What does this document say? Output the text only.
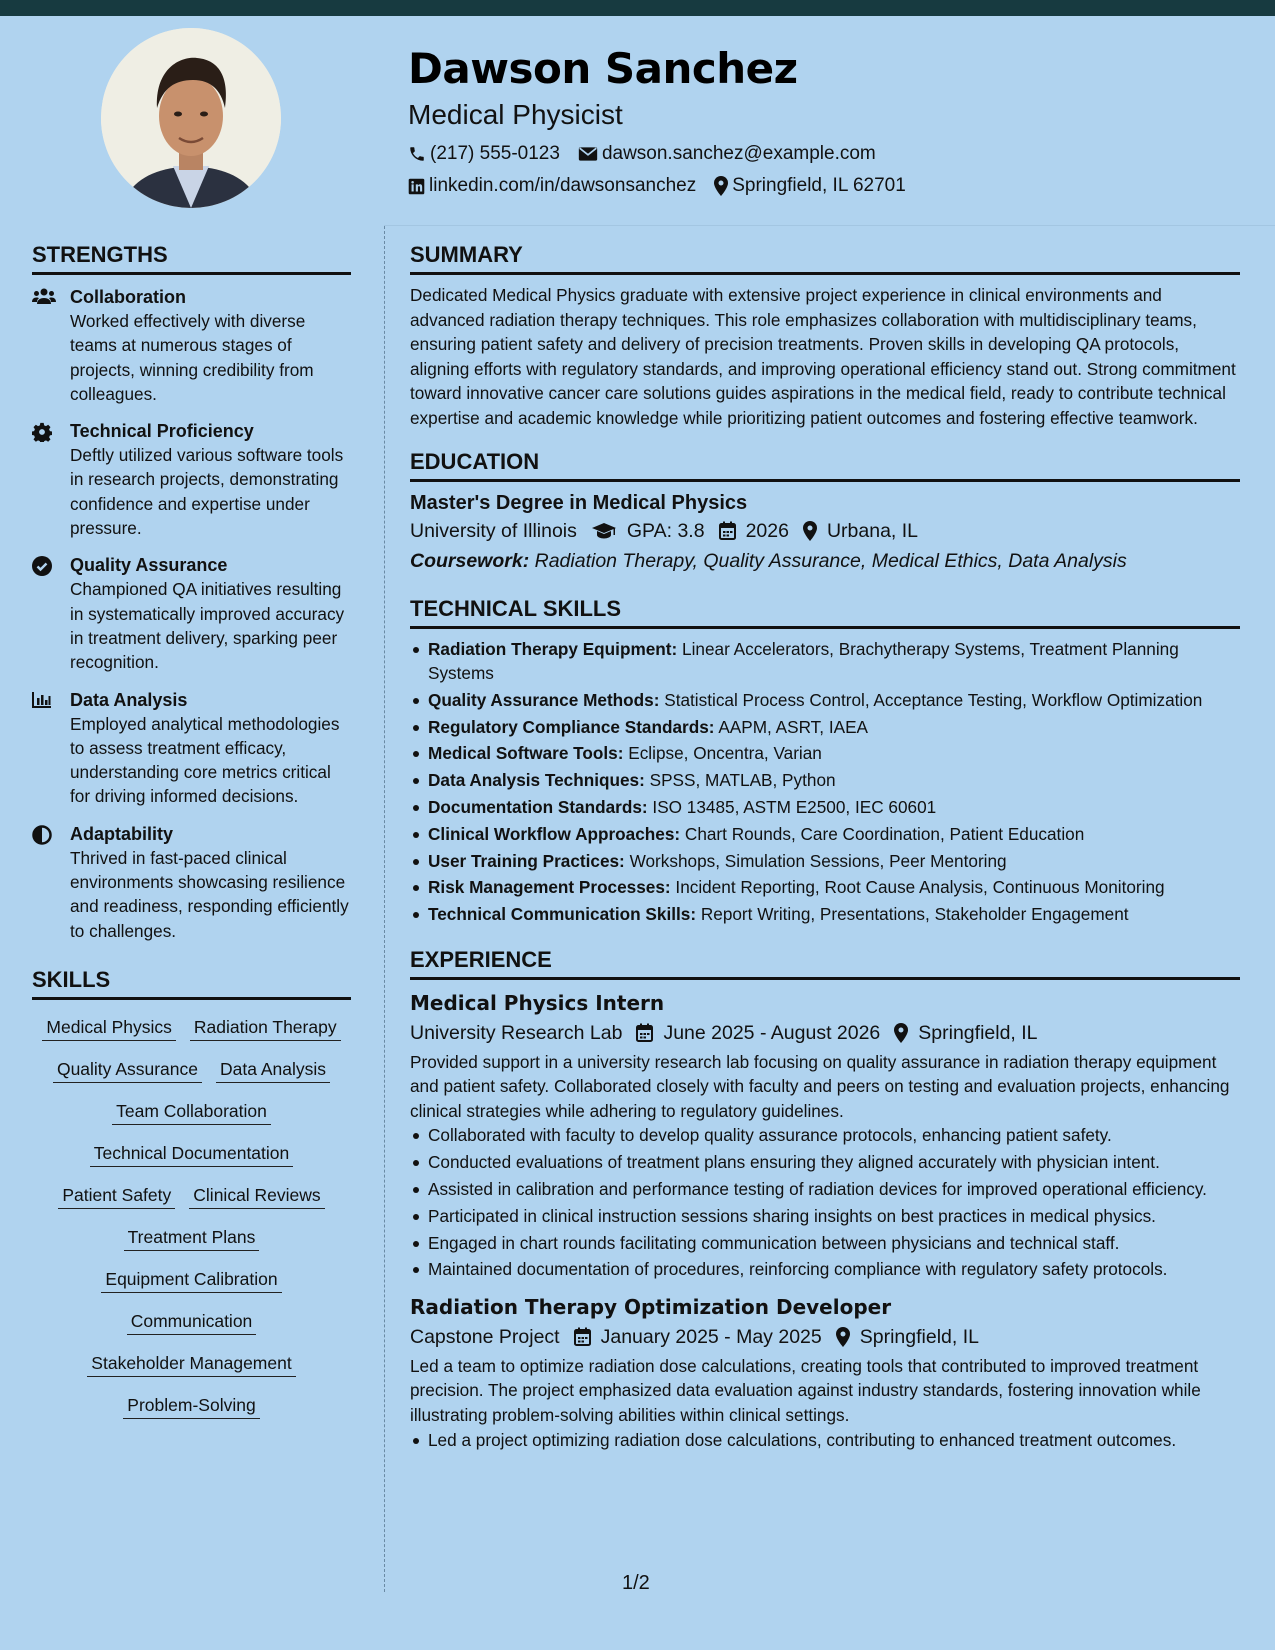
Dawson Sanchez
Medical Physicist
(217) 555-0123 dawson.sanchez@example.com
linkedin.com/in/dawsonsanchez Springfield, IL 62701
STRENGTHS
Collaboration
Worked effectively with diverse teams at numerous stages of projects, winning credibility from colleagues.
Technical Proficiency
Deftly utilized various software tools in research projects, demonstrating confidence and expertise under pressure.
Quality Assurance
Championed QA initiatives resulting in systematically improved accuracy in treatment delivery, sparking peer recognition.
Data Analysis
Employed analytical methodologies to assess treatment efficacy, understanding core metrics critical for driving informed decisions.
Adaptability
Thrived in fast-paced clinical environments showcasing resilience and readiness, responding efficiently to challenges.
SKILLS
Medical Physics Radiation Therapy
Quality Assurance Data Analysis
Team Collaboration
Technical Documentation
Patient Safety Clinical Reviews
Treatment Plans
Equipment Calibration
Communication
Stakeholder Management
Problem-Solving
SUMMARY
Dedicated Medical Physics graduate with extensive project experience in clinical environments and advanced radiation therapy techniques. This role emphasizes collaboration with multidisciplinary teams, ensuring patient safety and delivery of precision treatments. Proven skills in developing QA protocols, aligning efforts with regulatory standards, and improving operational efficiency stand out. Strong commitment toward innovative cancer care solutions guides aspirations in the medical field, ready to contribute technical expertise and academic knowledge while prioritizing patient outcomes and fostering effective teamwork.
EDUCATION
Master's Degree in Medical Physics
University of Illinois	GPA: 3.8 2026 Urbana, IL
Coursework: Radiation Therapy, Quality Assurance, Medical Ethics, Data Analysis
TECHNICAL SKILLS
Radiation Therapy Equipment: Linear Accelerators, Brachytherapy Systems, Treatment Planning Systems
Quality Assurance Methods: Statistical Process Control, Acceptance Testing, Workflow Optimization
Regulatory Compliance Standards: AAPM, ASRT, IAEA
Medical Software Tools: Eclipse, Oncentra, Varian
Data Analysis Techniques: SPSS, MATLAB, Python
Documentation Standards: ISO 13485, ASTM E2500, IEC 60601
Clinical Workflow Approaches: Chart Rounds, Care Coordination, Patient Education
User Training Practices: Workshops, Simulation Sessions, Peer Mentoring
Risk Management Processes: Incident Reporting, Root Cause Analysis, Continuous Monitoring
Technical Communication Skills: Report Writing, Presentations, Stakeholder Engagement
EXPERIENCE
Medical Physics Intern
University Research Lab June 2025 - August 2026 Springfield, IL
Provided support in a university research lab focusing on quality assurance in radiation therapy equipment and patient safety. Collaborated closely with faculty and peers on testing and evaluation projects, enhancing clinical strategies while adhering to regulatory guidelines.
Collaborated with faculty to develop quality assurance protocols, enhancing patient safety.
Conducted evaluations of treatment plans ensuring they aligned accurately with physician intent.
Assisted in calibration and performance testing of radiation devices for improved operational efficiency.
Participated in clinical instruction sessions sharing insights on best practices in medical physics.
Engaged in chart rounds facilitating communication between physicians and technical staff.
Maintained documentation of procedures, reinforcing compliance with regulatory safety protocols.
Radiation Therapy Optimization Developer
Capstone Project January 2025 - May 2025 Springfield, IL
Led a team to optimize radiation dose calculations, creating tools that contributed to improved treatment precision. The project emphasized data evaluation against industry standards, fostering innovation while illustrating problem-solving abilities within clinical settings.
Led a project optimizing radiation dose calculations, contributing to enhanced treatment outcomes.
1/2
